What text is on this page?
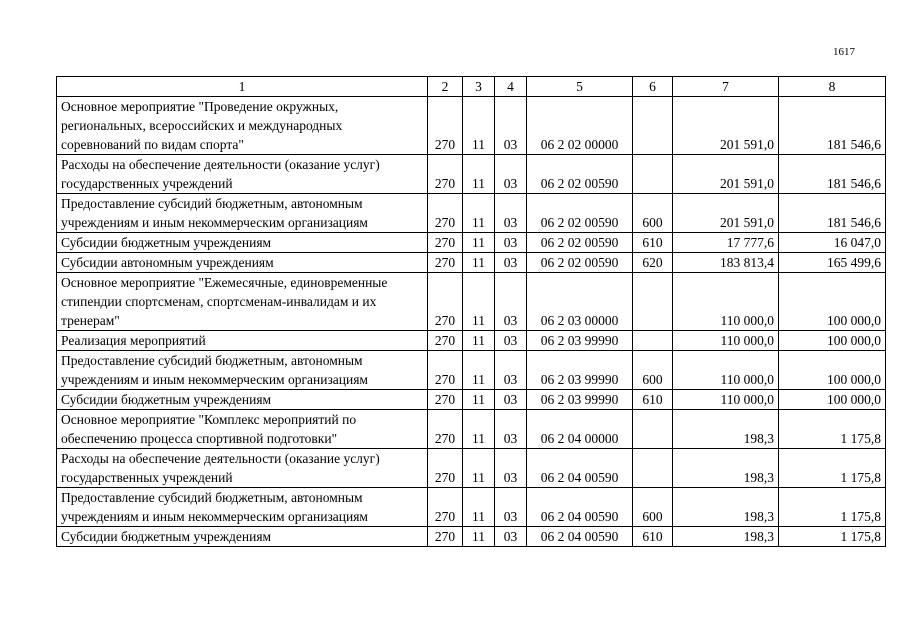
1617
1	2	3	4	5	6	7	8
Основное мероприятие "Проведение окружных, региональных, всероссийских и международных соревнований по видам спорта"	270	11	03	06 2 02 00000		201 591,0	181 546,6
Расходы на обеспечение деятельности (оказание услуг) государственных учреждений	270	11	03	06 2 02 00590		201 591,0	181 546,6
Предоставление субсидий бюджетным, автономным учреждениям и иным некоммерческим организациям	270	11	03	06 2 02 00590	600	201 591,0	181 546,6
Субсидии бюджетным учреждениям	270	11	03	06 2 02 00590	610	17 777,6	16 047,0
Субсидии автономным учреждениям	270	11	03	06 2 02 00590	620	183 813,4	165 499,6
Основное мероприятие "Ежемесячные, единовременные стипендии спортсменам, спортсменам-инвалидам и их тренерам"	270	11	03	06 2 03 00000		110 000,0	100 000,0
Реализация мероприятий	270	11	03	06 2 03 99990		110 000,0	100 000,0
Предоставление субсидий бюджетным, автономным учреждениям и иным некоммерческим организациям	270	11	03	06 2 03 99990	600	110 000,0	100 000,0
Субсидии бюджетным учреждениям	270	11	03	06 2 03 99990	610	110 000,0	100 000,0
Основное мероприятие "Комплекс мероприятий по обеспечению процесса спортивной подготовки"	270	11	03	06 2 04 00000		198,3	1 175,8
Расходы на обеспечение деятельности (оказание услуг) государственных учреждений	270	11	03	06 2 04 00590		198,3	1 175,8
Предоставление субсидий бюджетным, автономным учреждениям и иным некоммерческим организациям	270	11	03	06 2 04 00590	600	198,3	1 175,8
Субсидии бюджетным учреждениям	270	11	03	06 2 04 00590	610	198,3	1 175,8
